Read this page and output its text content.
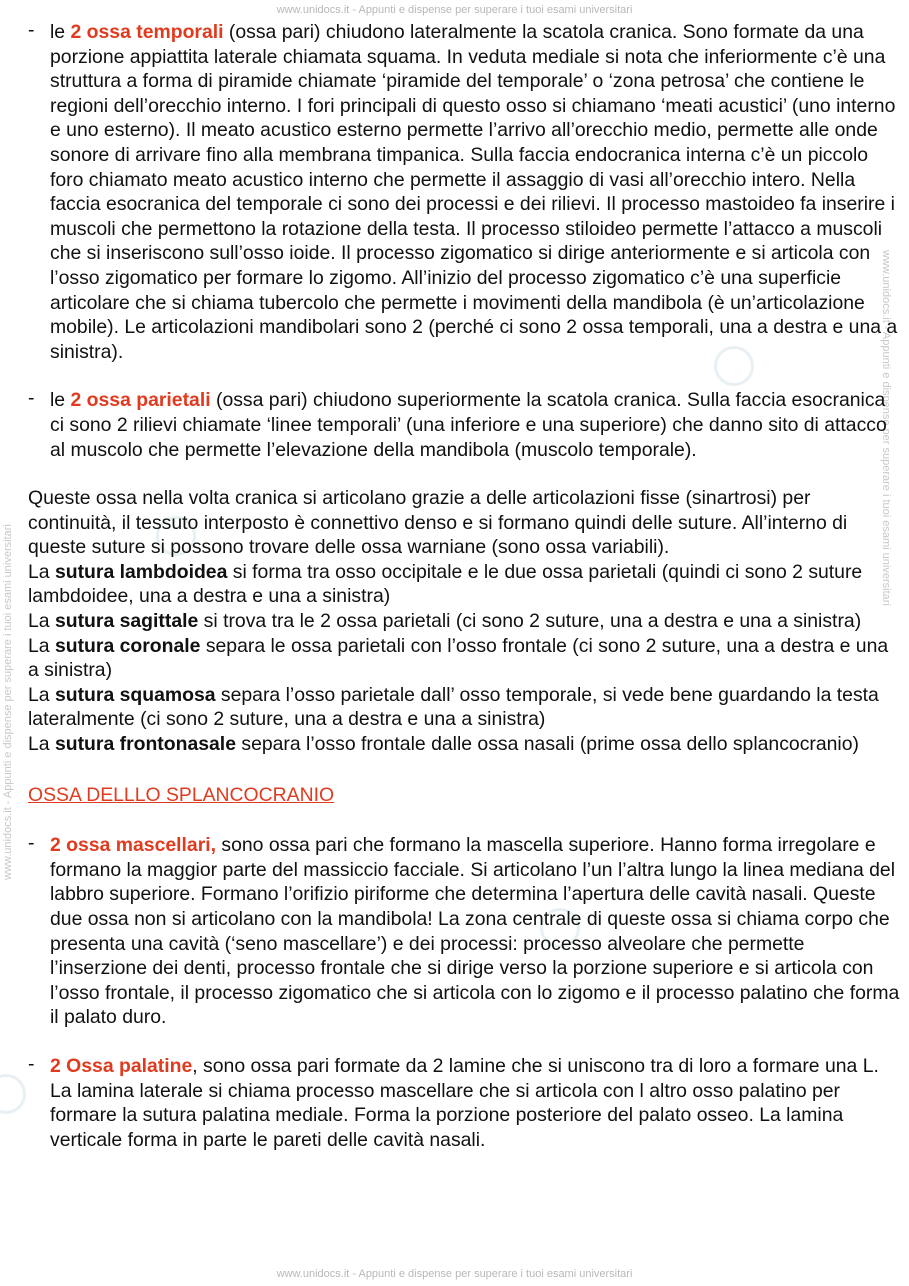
www.unidocs.it - Appunti e dispense per superare i tuoi esami universitari
www.unidocs.it - Appunti e dispense per superare i tuoi esami universitari
www.unidocs.it - Appunti e dispense per superare i tuoi esami universitari
- le 2 ossa temporali (ossa pari) chiudono lateralmente la scatola cranica. Sono formate da una porzione appiattita laterale chiamata squama. In veduta mediale si nota che inferiormente c’è una struttura a forma di piramide chiamate ‘piramide del temporale’ o ‘zona petrosa’ che contiene le regioni dell’orecchio interno. I fori principali di questo osso si chiamano ‘meati acustici’ (uno interno e uno esterno). Il meato acustico esterno permette l’arrivo all’orecchio medio, permette alle onde sonore di arrivare fino alla membrana timpanica. Sulla faccia endocranica interna c’è un piccolo foro chiamato meato acustico interno che permette il assaggio di vasi all’orecchio intero. Nella faccia esocranica del temporale ci sono dei processi e dei rilievi. Il processo mastoideo fa inserire i muscoli che permettono la rotazione della testa. Il processo stiloideo permette l’attacco a muscoli che si inseriscono sull’osso ioide. Il processo zigomatico si dirige anteriormente e si articola con l’osso zigomatico per formare lo zigomo. All’inizio del processo zigomatico c’è una superficie articolare che si chiama tubercolo che permette i movimenti della mandibola (è un’articolazione mobile). Le articolazioni mandibolari sono 2 (perché ci sono 2 ossa temporali, una a destra e una a sinistra).

- le 2 ossa parietali (ossa pari) chiudono superiormente la scatola cranica. Sulla faccia esocranica ci sono 2 rilievi chiamate ‘linee temporali’ (una inferiore e una superiore) che danno sito di attacco al muscolo che permette l’elevazione della mandibola (muscolo temporale).

Queste ossa nella volta cranica si articolano grazie a delle articolazioni fisse (sinartrosi) per continuità, il tessuto interposto è connettivo denso e si formano quindi delle suture. All’interno di queste suture si possono trovare delle ossa warniane (sono ossa variabili).

La sutura lambdoidea si forma tra osso occipitale e le due ossa parietali (quindi ci sono 2 suture lambdoidee, una a destra e una a sinistra)

La sutura sagittale si trova tra le 2 ossa parietali (ci sono 2 suture, una a destra e una a sinistra)

La sutura coronale separa le ossa parietali con l’osso frontale (ci sono 2 suture, una a destra e una a sinistra)

La sutura squamosa separa l’osso parietale dall’ osso temporale, si vede bene guardando la testa lateralmente (ci sono 2 suture, una a destra e una a sinistra)

La sutura frontonasale separa l’osso frontale dalle ossa nasali (prime ossa dello splancocranio)

OSSA DELLLO SPLANCOCRANIO

- 2 ossa mascellari, sono ossa pari che formano la mascella superiore. Hanno forma irregolare e formano la maggior parte del massiccio facciale. Si articolano l’un l’altra lungo la linea mediana del labbro superiore. Formano l’orifizio piriforme che determina l’apertura delle cavità nasali. Queste due ossa non si articolano con la mandibola! La zona centrale di queste ossa si chiama corpo che presenta una cavità (‘seno mascellare’) e dei processi: processo alveolare che permette l’inserzione dei denti, processo frontale che si dirige verso la porzione superiore e si articola con l’osso frontale, il processo zigomatico che si articola con lo zigomo e il processo palatino che forma il palato duro.

- 2 Ossa palatine, sono ossa pari formate da 2 lamine che si uniscono tra di loro a formare una L. La lamina laterale si chiama processo mascellare che si articola con l altro osso palatino per formare la sutura palatina mediale. Forma la porzione posteriore del palato osseo. La lamina verticale forma in parte le pareti delle cavità nasali.

www.unidocs.it - Appunti e dispense per superare i tuoi esami universitari
